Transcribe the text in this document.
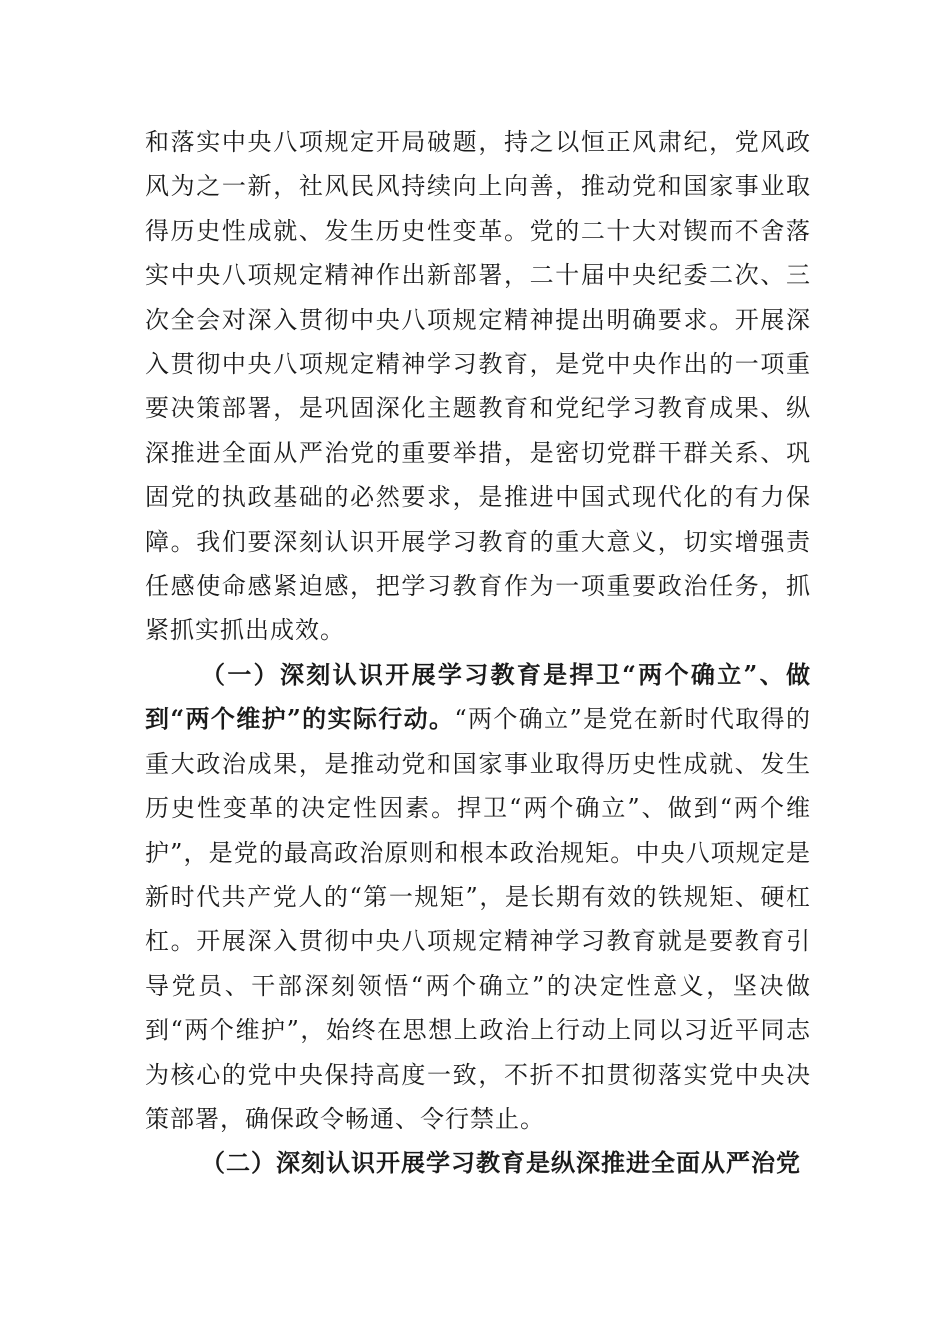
和落实中央八项规定开局破题，持之以恒正风肃纪，党风政风为之一新，社风民风持续向上向善，推动党和国家事业取得历史性成就、发生历史性变革。党的二十大对锲而不舍落实中央八项规定精神作出新部署，二十届中央纪委二次、三次全会对深入贯彻中央八项规定精神提出明确要求。开展深入贯彻中央八项规定精神学习教育，是党中央作出的一项重要决策部署，是巩固深化主题教育和党纪学习教育成果、纵深推进全面从严治党的重要举措，是密切党群干群关系、巩固党的执政基础的必然要求，是推进中国式现代化的有力保障。我们要深刻认识开展学习教育的重大意义，切实增强责任感使命感紧迫感，把学习教育作为一项重要政治任务，抓紧抓实抓出成效。

（一）深刻认识开展学习教育是捍卫“两个确立”、做到“两个维护”的实际行动。“两个确立”是党在新时代取得的重大政治成果，是推动党和国家事业取得历史性成就、发生历史性变革的决定性因素。捍卫“两个确立”、做到“两个维护”，是党的最高政治原则和根本政治规矩。中央八项规定是新时代共产党人的“第一规矩”，是长期有效的铁规矩、硬杠杠。开展深入贯彻中央八项规定精神学习教育就是要教育引导党员、干部深刻领悟“两个确立”的决定性意义，坚决做到“两个维护”，始终在思想上政治上行动上同以习近平同志为核心的党中央保持高度一致，不折不扣贯彻落实党中央决策部署，确保政令畅通、令行禁止。

（二）深刻认识开展学习教育是纵深推进全面从严治党
